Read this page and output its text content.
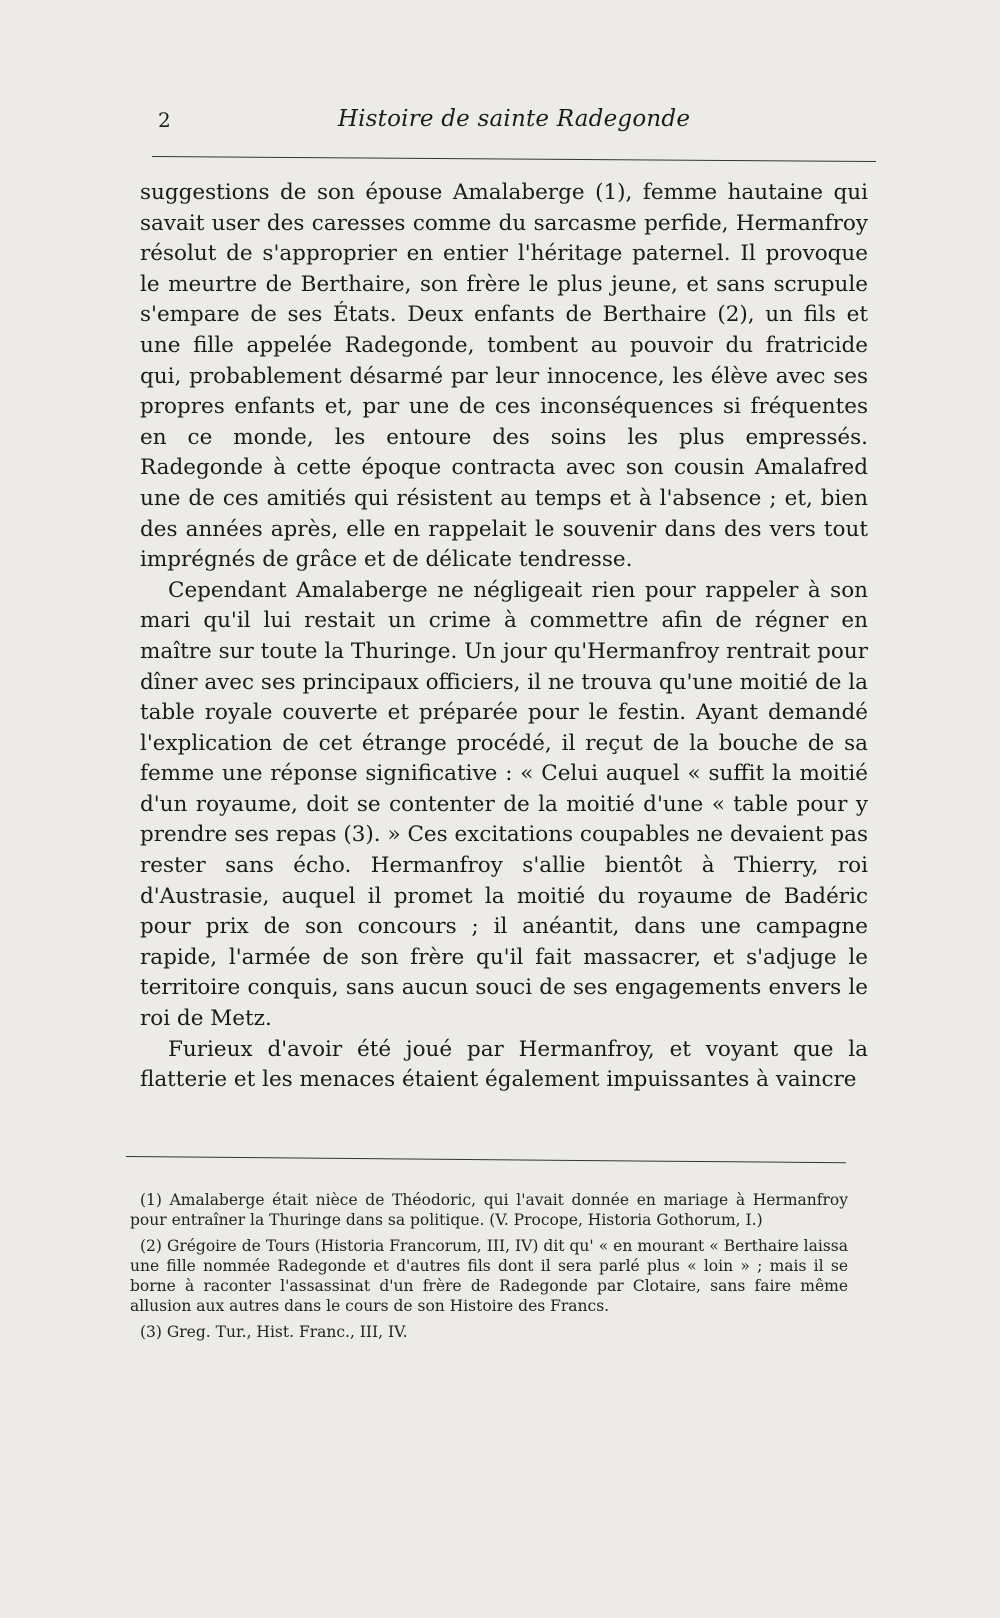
2	Histoire de sainte Radegonde

suggestions de son épouse Amalaberge (1), femme hautaine qui savait user des caresses comme du sarcasme perfide, Hermanfroy résolut de s'approprier en entier l'héritage paternel. Il provoque le meurtre de Berthaire, son frère le plus jeune, et sans scrupule s'empare de ses États. Deux enfants de Berthaire (2), un fils et une fille appelée Radegonde, tombent au pouvoir du fratricide qui, probablement désarmé par leur innocence, les élève avec ses propres enfants et, par une de ces inconséquences si fréquentes en ce monde, les entoure des soins les plus empressés. Radegonde à cette époque contracta avec son cousin Amalafred une de ces amitiés qui résistent au temps et à l'absence ; et, bien des années après, elle en rappelait le souvenir dans des vers tout imprégnés de grâce et de délicate tendresse.

Cependant Amalaberge ne négligeait rien pour rappeler à son mari qu'il lui restait un crime à commettre afin de régner en maître sur toute la Thuringe. Un jour qu'Hermanfroy rentrait pour dîner avec ses principaux officiers, il ne trouva qu'une moitié de la table royale couverte et préparée pour le festin. Ayant demandé l'explication de cet étrange procédé, il reçut de la bouche de sa femme une réponse significative : « Celui auquel « suffit la moitié d'un royaume, doit se contenter de la moitié d'une « table pour y prendre ses repas (3). » Ces excitations coupables ne devaient pas rester sans écho. Hermanfroy s'allie bientôt à Thierry, roi d'Austrasie, auquel il promet la moitié du royaume de Badéric pour prix de son concours ; il anéantit, dans une campagne rapide, l'armée de son frère qu'il fait massacrer, et s'adjuge le territoire conquis, sans aucun souci de ses engagements envers le roi de Metz.

Furieux d'avoir été joué par Hermanfroy, et voyant que la flatterie et les menaces étaient également impuissantes à vaincre

(1) Amalaberge était nièce de Théodoric, qui l'avait donnée en mariage à Hermanfroy pour entraîner la Thuringe dans sa politique. (V. Procope, Historia Gothorum, I.)

(2) Grégoire de Tours (Historia Francorum, III, IV) dit qu' « en mourant « Berthaire laissa une fille nommée Radegonde et d'autres fils dont il sera parlé plus « loin » ; mais il se borne à raconter l'assassinat d'un frère de Radegonde par Clotaire, sans faire même allusion aux autres dans le cours de son Histoire des Francs.

(3) Greg. Tur., Hist. Franc., III, IV.
